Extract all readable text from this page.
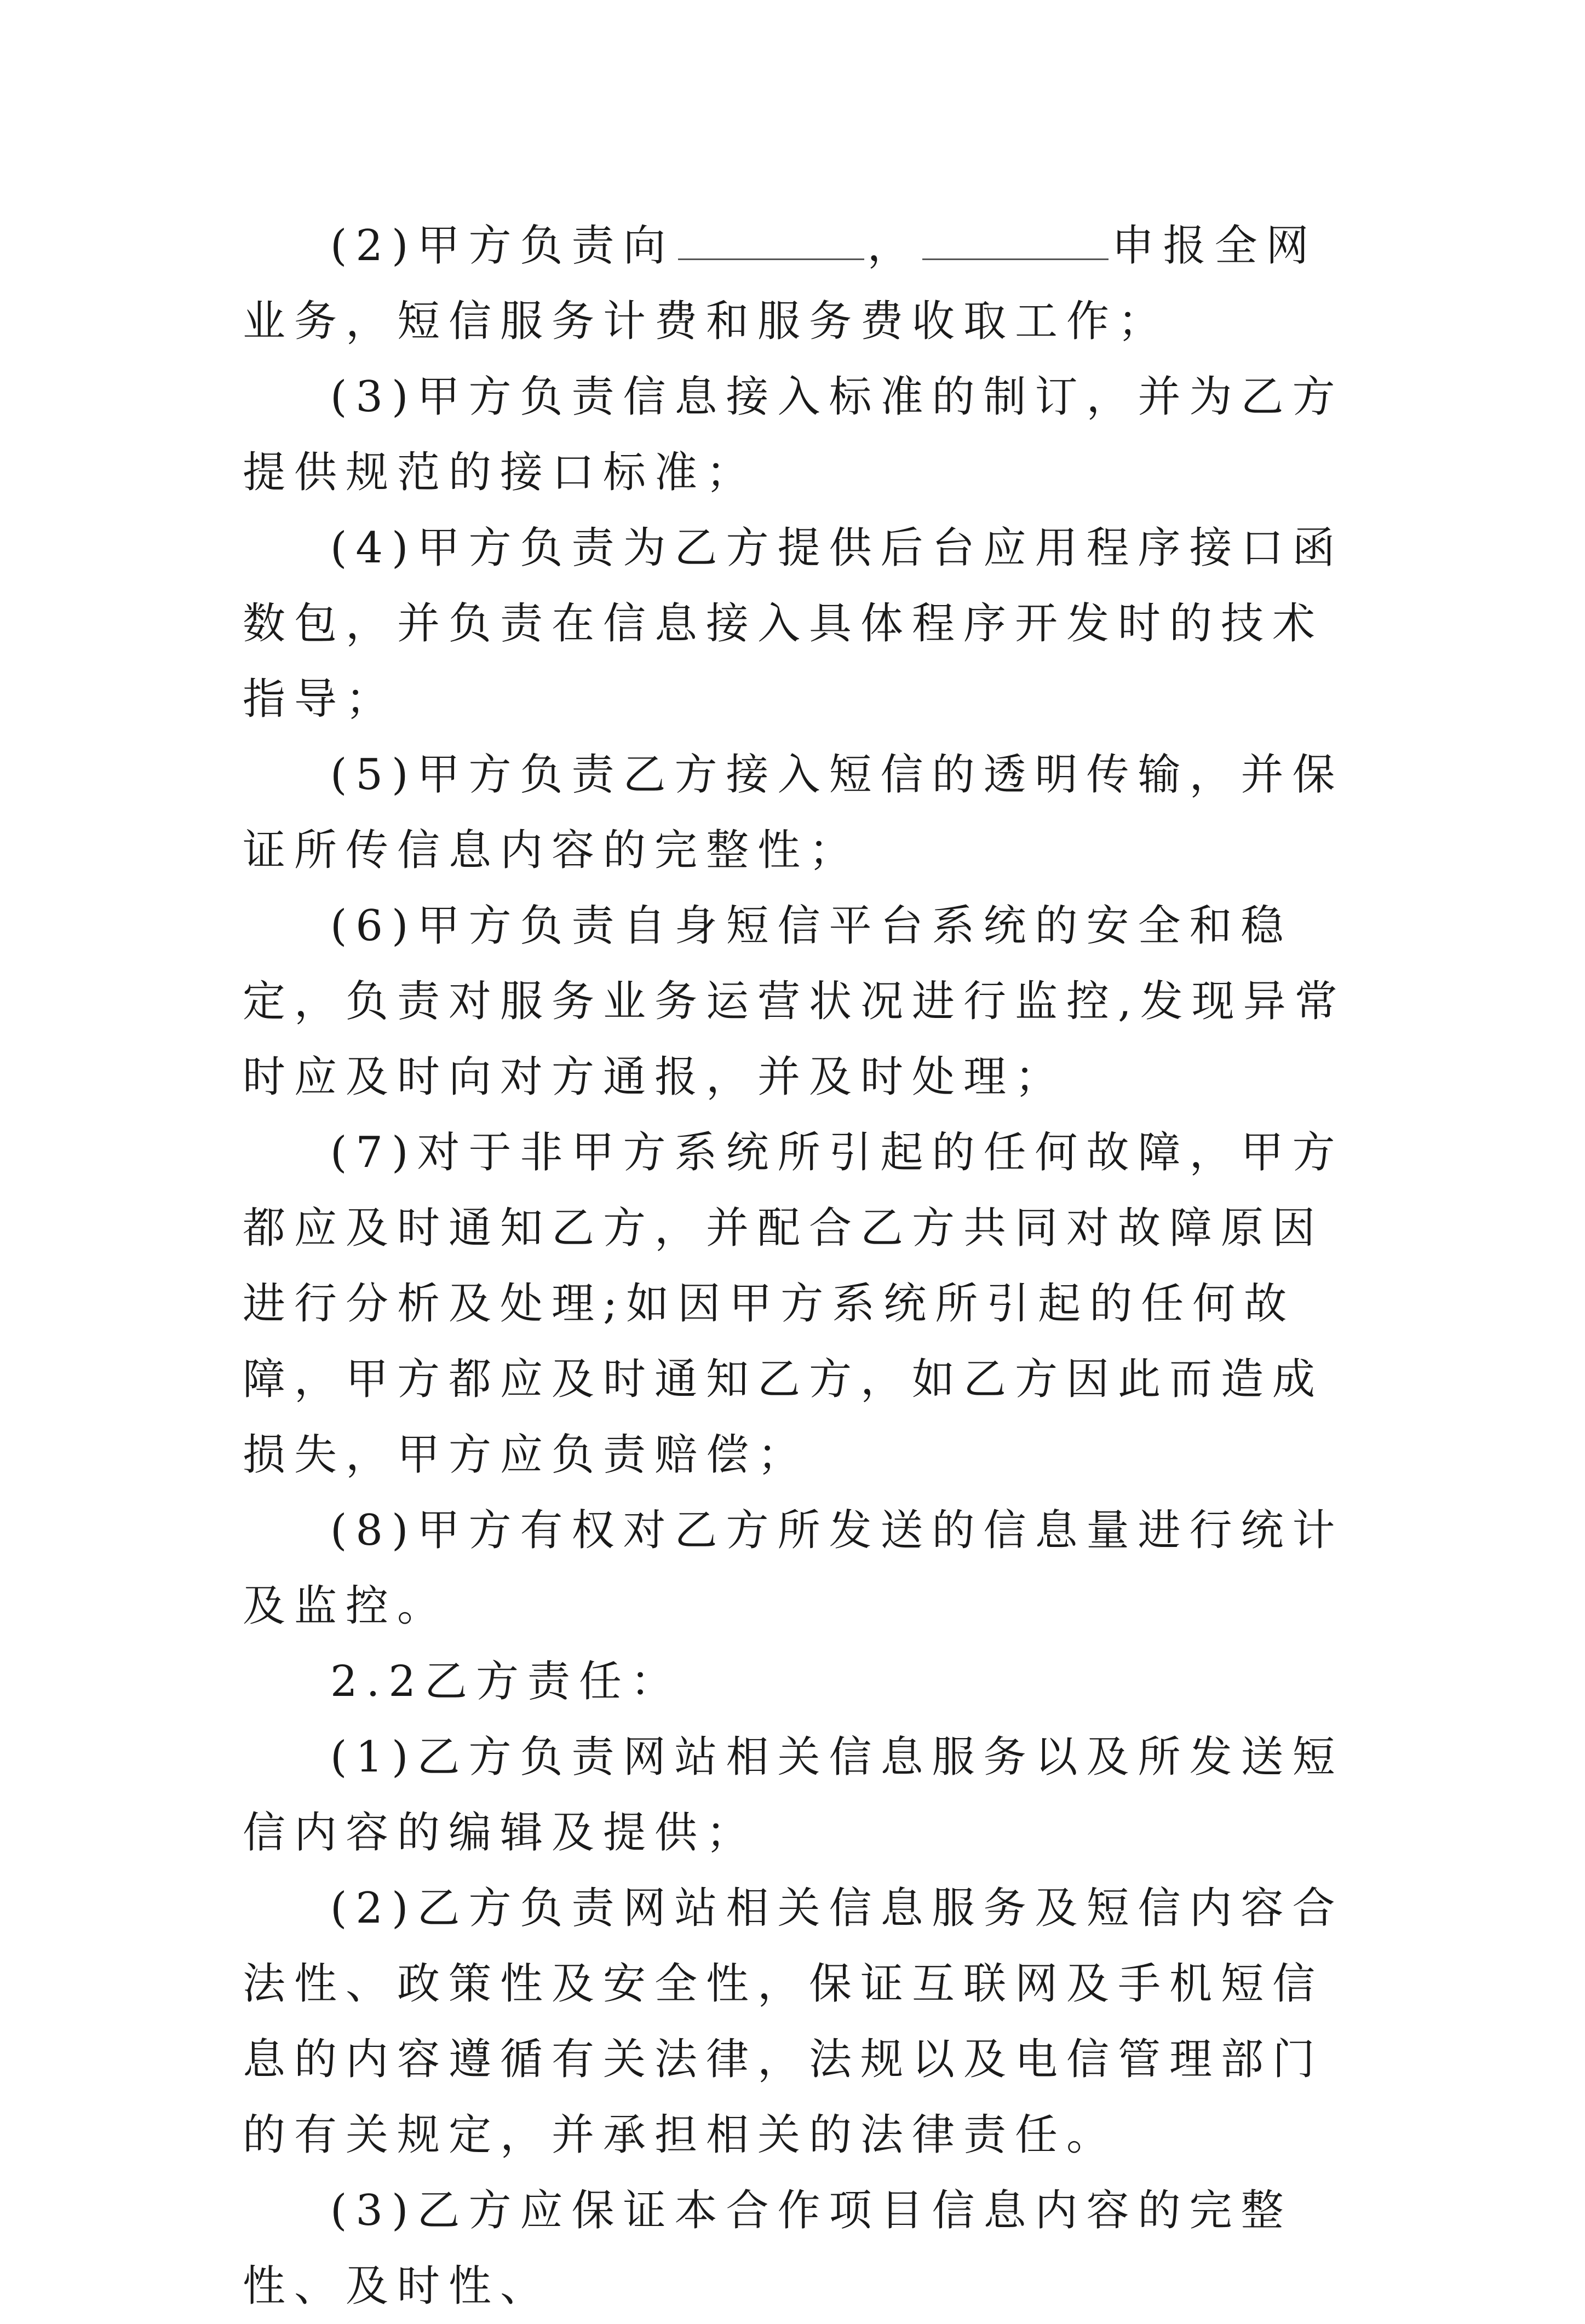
(2)甲方负责向	，	申报全网业务，短信服务计费和服务费收取工作；

(3)甲方负责信息接入标准的制订，并为乙方提供规范的接口标准；

(4)甲方负责为乙方提供后台应用程序接口函数包，并负责在信息接入具体程序开发时的技术指导；

(5)甲方负责乙方接入短信的透明传输，并保证所传信息内容的完整性；

(6)甲方负责自身短信平台系统的安全和稳定，负责对服务业务运营状况进行监控,发现异常时应及时向对方通报，并及时处理；

(7)对于非甲方系统所引起的任何故障，甲方都应及时通知乙方，并配合乙方共同对故障原因进行分析及处理;如因甲方系统所引起的任何故障，甲方都应及时通知乙方，如乙方因此而造成损失，甲方应负责赔偿；

(8)甲方有权对乙方所发送的信息量进行统计及监控。

2.2乙方责任：

(1)乙方负责网站相关信息服务以及所发送短信内容的编辑及提供；

(2)乙方负责网站相关信息服务及短信内容合法性、政策性及安全性，保证互联网及手机短信息的内容遵循有关法律，法规以及电信管理部门的有关规定，并承担相关的法律责任。

(3)乙方应保证本合作项目信息内容的完整性、及时性、
